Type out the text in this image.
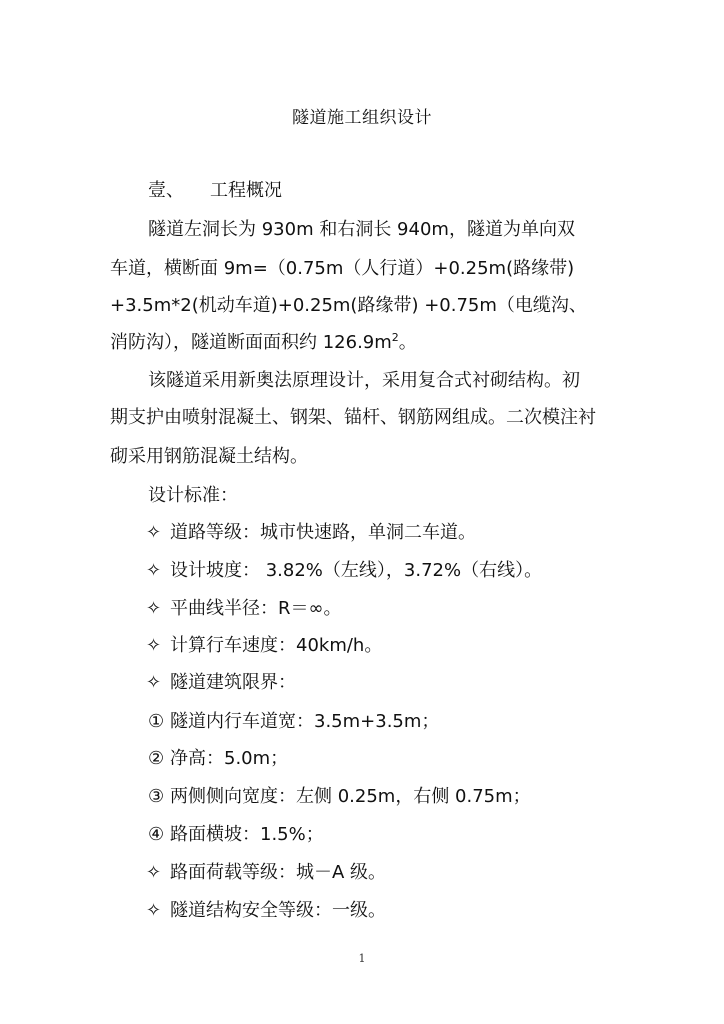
隧道施工组织设计
壹、 工程概况
隧道左洞长为 930m 和右洞长 940m，隧道为单向双
车道，横断面 9m=（0.75m（人行道）+0.25m(路缘带)
+3.5m*2(机动车道)+0.25m(路缘带) +0.75m（电缆沟、
消防沟），隧道断面面积约 $126.9m^2$。
该隧道采用新奥法原理设计，采用复合式衬砌结构。初
期支护由喷射混凝土、钢架、锚杆、钢筋网组成。二次模注衬
砌采用钢筋混凝土结构。
设计标准：
✧ 道路等级：城市快速路，单洞二车道。
✧ 设计坡度： 3.82%（左线），3.72%（右线）。
✧ 平曲线半径：R＝∞。
✧ 计算行车速度：40km/h。
✧ 隧道建筑限界：
① 隧道内行车道宽：3.5m+3.5m；
② 净高：5.0m；
③ 两侧侧向宽度：左侧 0.25m，右侧 0.75m；
④ 路面横坡：1.5%；
✧ 路面荷载等级：城－A 级。
✧ 隧道结构安全等级：一级。
1
